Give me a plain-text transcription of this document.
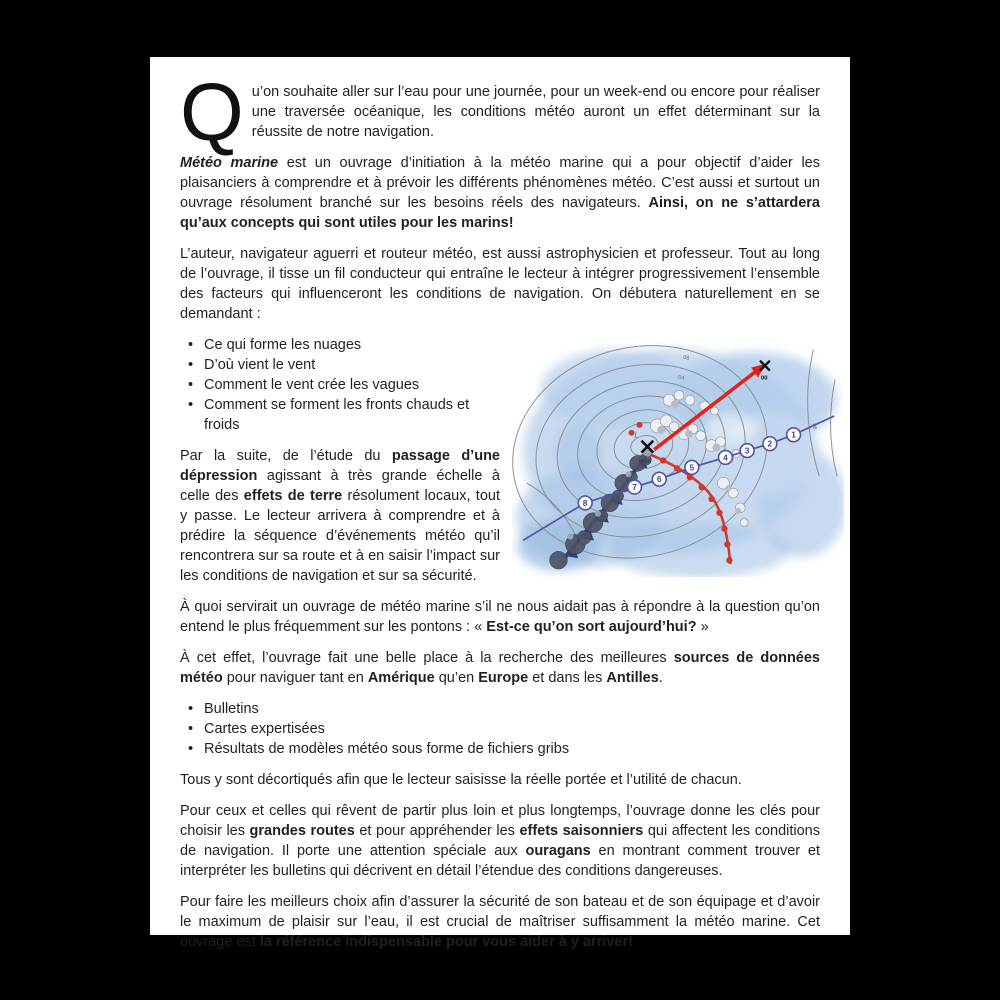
Qu’on souhaite aller sur l’eau pour une journée, pour un week-end ou encore pour réaliser une traversée océanique, les conditions météo auront un effet déterminant sur la réussite de notre navigation.

Météo marine est un ouvrage d’initiation à la météo marine qui a pour objectif d’aider les plaisanciers à comprendre et à prévoir les différents phénomènes météo. C’est aussi et surtout un ouvrage résolument branché sur les besoins réels des navigateurs. Ainsi, on ne s’attardera qu’aux concepts qui sont utiles pour les marins!

L’auteur, navigateur aguerri et routeur météo, est aussi astrophysicien et professeur. Tout au long de l’ouvrage, il tisse un fil conducteur qui entraîne le lecteur à intégrer progressivement l’ensemble des facteurs qui influenceront les conditions de navigation. On débutera naturellement en se demandant :

04
08
08
L
996
00
1
2
3
4
5
6
7
8
• Ce qui forme les nuages
• D’où vient le vent
• Comment le vent crée les vagues
• Comment se forment les fronts chauds et froids

Par la suite, de l’étude du passage d’une dépression agissant à très grande échelle à celle des effets de terre résolument locaux, tout y passe. Le lecteur arrivera à comprendre et à prédire la séquence d’événements météo qu’il rencontrera sur sa route et à en saisir l’impact sur les conditions de navigation et sur sa sécurité.

À quoi servirait un ouvrage de météo marine s’il ne nous aidait pas à répondre à la question qu’on entend le plus fréquemment sur les pontons : « Est-ce qu’on sort aujourd’hui? »

À cet effet, l’ouvrage fait une belle place à la recherche des meilleures sources de données météo pour naviguer tant en Amérique qu’en Europe et dans les Antilles.

• Bulletins
• Cartes expertisées
• Résultats de modèles météo sous forme de fichiers gribs

Tous y sont décortiqués afin que le lecteur saisisse la réelle portée et l’utilité de chacun.

Pour ceux et celles qui rêvent de partir plus loin et plus longtemps, l’ouvrage donne les clés pour choisir les grandes routes et pour appréhender les effets saisonniers qui affectent les conditions de navigation. Il porte une attention spéciale aux ouragans en montrant comment trouver et interpréter les bulletins qui décrivent en détail l’étendue des conditions dangereuses.

Pour faire les meilleurs choix afin d’assurer la sécurité de son bateau et de son équipage et d’avoir le maximum de plaisir sur l’eau, il est crucial de maîtriser suffisamment la météo marine. Cet ouvrage est la référence indispensable pour vous aider à y arriver!
